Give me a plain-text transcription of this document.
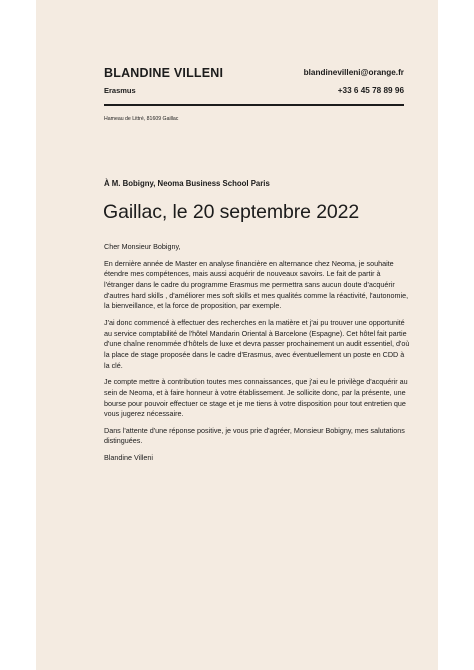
BLANDINE VILLENI
Erasmus
blandinevilleni@orange.fr
+33 6 45 78 89 96
Hameau de Littré, 81609 Gaillac
À M. Bobigny, Neoma Business School Paris
Gaillac, le 20 septembre 2022

Cher Monsieur Bobigny,

En dernière année de Master en analyse financière en alternance chez Neoma, je souhaite étendre mes compétences, mais aussi acquérir de nouveaux savoirs. Le fait de partir à l'étranger dans le cadre du programme Erasmus me permettra sans aucun doute d'acquérir d'autres hard skills , d'améliorer mes soft skills et mes qualités comme la réactivité, l'autonomie, la bienveillance, et la force de proposition, par exemple.

J'ai donc commencé à effectuer des recherches en la matière et j'ai pu trouver une opportunité au service comptabilité de l'hôtel Mandarin Oriental à Barcelone (Espagne). Cet hôtel fait partie d'une chaîne renommée d'hôtels de luxe et devra passer prochainement un audit essentiel, d'où la place de stage proposée dans le cadre d'Erasmus, avec éventuellement un poste en CDD à la clé.

Je compte mettre à contribution toutes mes connaissances, que j'ai eu le privilège d'acquérir au sein de Neoma, et à faire honneur à votre établissement. Je sollicite donc, par la présente, une bourse pour pouvoir effectuer ce stage et je me tiens à votre disposition pour tout entretien que vous jugerez nécessaire.

Dans l'attente d'une réponse positive, je vous prie d'agréer, Monsieur Bobigny, mes salutations distinguées.

Blandine Villeni
